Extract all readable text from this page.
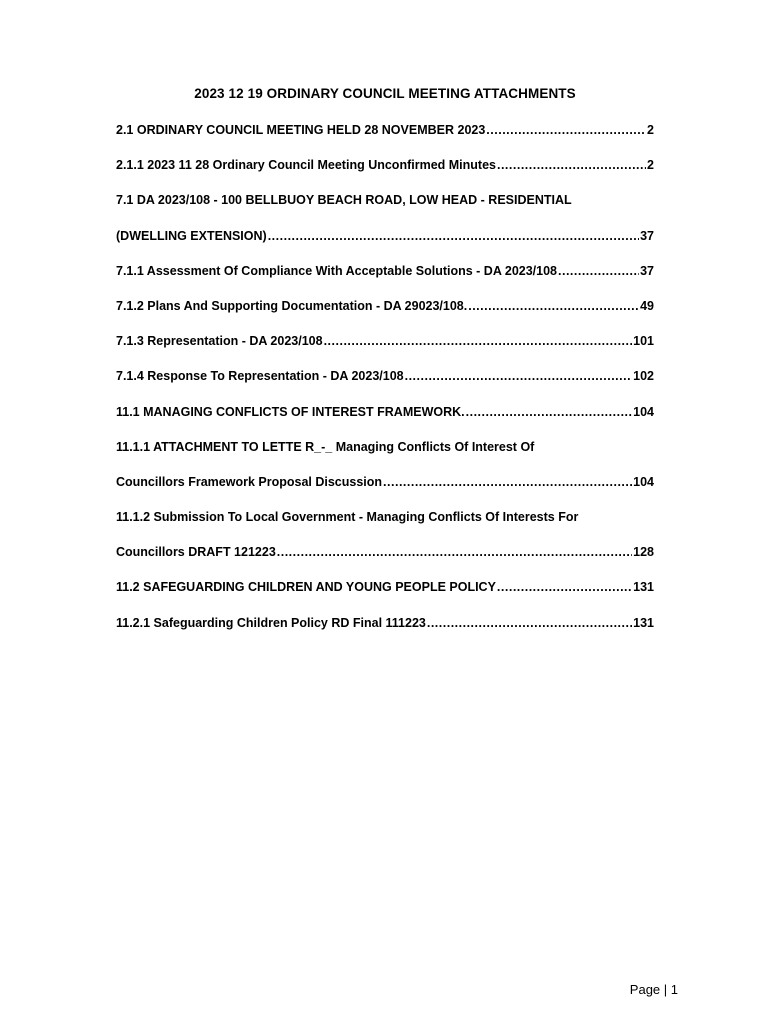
2023 12 19 ORDINARY COUNCIL MEETING ATTACHMENTS
2.1 ORDINARY COUNCIL MEETING HELD 28 NOVEMBER 2023 .....	2
2.1.1 2023 11 28 Ordinary Council Meeting Unconfirmed Minutes .....	2
7.1 DA 2023/108 - 100 BELLBUOY BEACH ROAD, LOW HEAD - RESIDENTIAL
(DWELLING EXTENSION) .....	37
7.1.1 Assessment Of Compliance With Acceptable Solutions - DA 2023/108 .....	37
7.1.2 Plans And Supporting Documentation - DA 29023/108. .....	49
7.1.3 Representation - DA 2023/108 .....	101
7.1.4 Response To Representation - DA 2023/108 .....	102
11.1 MANAGING CONFLICTS OF INTEREST FRAMEWORK. .....	104
11.1.1 ATTACHMENT TO LETTE R_-_ Managing Conflicts Of Interest Of
Councillors Framework Proposal Discussion .....	104
11.1.2 Submission To Local Government - Managing Conflicts Of Interests For
Councillors DRAFT 121223 .....	128
11.2 SAFEGUARDING CHILDREN AND YOUNG PEOPLE POLICY .....	131
11.2.1 Safeguarding Children Policy RD Final 111223 .....	131
Page | 1
